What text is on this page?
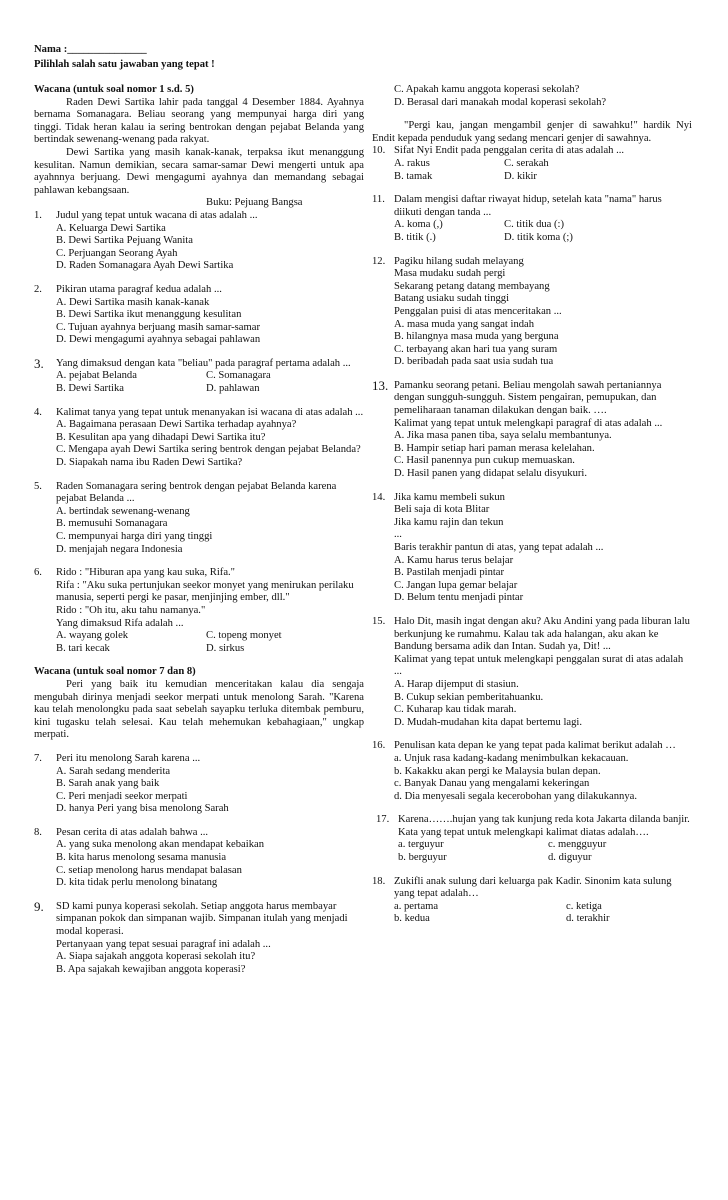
Nama :_______________
Pilihlah salah satu jawaban yang tepat !
Wacana (untuk soal nomor 1 s.d. 5)
Raden Dewi Sartika lahir pada tanggal 4 Desember 1884. Ayahnya bernama Somanagara. Beliau seorang yang mempunyai harga diri yang tinggi. Tidak heran kalau ia sering bentrokan dengan pejabat Belanda yang bertindak sewenang-wenang pada rakyat.
Dewi Sartika yang masih kanak-kanak, terpaksa ikut menanggung kesulitan. Namun demikian, secara samar-samar Dewi mengerti untuk apa ayahnnya berjuang. Dewi mengagumi ayahnya dan memandang sebagai pahlawan kebangsaan.
Buku: Pejuang Bangsa
1. Judul yang tepat untuk wacana di atas adalah ...
A. Keluarga Dewi Sartika
B. Dewi Sartika Pejuang Wanita
C. Perjuangan Seorang Ayah
D. Raden Somanagara Ayah Dewi Sartika
2. Pikiran utama paragraf kedua adalah ...
A. Dewi Sartika masih kanak-kanak
B. Dewi Sartika ikut menanggung kesulitan
C. Tujuan ayahnya berjuang masih samar-samar
D. Dewi mengagumi ayahnya sebagai pahlawan
3. Yang dimaksud dengan kata "beliau" pada paragraf pertama adalah ...
A. pejabat Belanda	C. Somanagara
B. Dewi Sartika	D. pahlawan
4. Kalimat tanya yang tepat untuk menanyakan isi wacana di atas adalah ...
A. Bagaimana perasaan Dewi Sartika terhadap ayahnya?
B. Kesulitan apa yang dihadapi Dewi Sartika itu?
C. Mengapa ayah Dewi Sartika sering bentrok dengan pejabat Belanda?
D. Siapakah nama ibu Raden Dewi Sartika?
5. Raden Somanagara sering bentrok dengan pejabat Belanda karena pejabat Belanda ...
A. bertindak sewenang-wenang
B. memusuhi Somanagara
C. mempunyai harga diri yang tinggi
D. menjajah negara Indonesia
6. Rido : "Hiburan apa yang kau suka, Rifa."
Rifa : "Aku suka pertunjukan seekor monyet yang menirukan perilaku manusia, seperti pergi ke pasar, menjinjing ember, dll."
Rido : "Oh itu, aku tahu namanya."
Yang dimaksud Rifa adalah ...
A. wayang golek	C. topeng monyet
B. tari kecak	D. sirkus
Wacana (untuk soal nomor 7 dan 8)
Peri yang baik itu kemudian menceritakan kalau dia sengaja mengubah dirinya menjadi seekor merpati untuk menolong Sarah. "Karena kau telah menolongku pada saat sebelah sayapku terluka ditembak pemburu, kini tugasku telah selesai. Kau telah mehemukan kebahagiaan," ungkap merpati.
7. Peri itu menolong Sarah karena ...
A. Sarah sedang menderita
B. Sarah anak yang baik
C. Peri menjadi seekor merpati
D. hanya Peri yang bisa menolong Sarah
8. Pesan cerita di atas adalah bahwa ...
A. yang suka menolong akan mendapat kebaikan
B. kita harus menolong sesama manusia
C. setiap menolong harus mendapat balasan
D. kita tidak perlu menolong binatang
9. SD kami punya koperasi sekolah. Setiap anggota harus membayar simpanan pokok dan simpanan wajib. Simpanan itulah yang menjadi modal koperasi.
Pertanyaan yang tepat sesuai paragraf ini adalah ...
A. Siapa sajakah anggota koperasi sekolah itu?
B. Apa sajakah kewajiban anggota koperasi?
C. Apakah kamu anggota koperasi sekolah?
D. Berasal dari manakah modal koperasi sekolah?
"Pergi kau, jangan mengambil genjer di sawahku!" hardik Nyi Endit kepada penduduk yang sedang mencari genjer di sawahnya.
10. Sifat Nyi Endit pada penggalan cerita di atas adalah ...
A. rakus	C. serakah
B. tamak	D. kikir
11. Dalam mengisi daftar riwayat hidup, setelah kata "nama" harus diikuti dengan tanda ...
A. koma (,)	C. titik dua (:)
B. titik (.)	D. titik koma (;)
12. Pagiku hilang sudah melayang
Masa mudaku sudah pergi
Sekarang petang datang membayang
Batang usiaku sudah tinggi
Penggalan puisi di atas menceritakan ...
A. masa muda yang sangat indah
B. hilangnya masa muda yang berguna
C. terbayang akan hari tua yang suram
D. beribadah pada saat usia sudah tua
13. Pamanku seorang petani. Beliau mengolah sawah pertaniannya dengan sungguh-sungguh. Sistem pengairan, pemupukan, dan pemeliharaan tanaman dilakukan dengan baik. ….
Kalimat yang tepat untuk melengkapi paragraf di atas adalah ...
A. Jika masa panen tiba, saya selalu membantunya.
B. Hampir setiap hari paman merasa kelelahan.
C. Hasil panennya pun cukup memuaskan.
D. Hasil panen yang didapat selalu disyukuri.
14. Jika kamu membeli sukun
Beli saja di kota Blitar
Jika kamu rajin dan tekun
...
Baris terakhir pantun di atas, yang tepat adalah ...
A. Kamu harus terus belajar
B. Pastilah menjadi pintar
C. Jangan lupa gemar belajar
D. Belum tentu menjadi pintar
15. Halo Dit, masih ingat dengan aku? Aku Andini yang pada liburan lalu berkunjung ke rumahmu. Kalau tak ada halangan, aku akan ke Bandung bersama adik dan Intan. Sudah ya, Dit! ...
Kalimat yang tepat untuk melengkapi penggalan surat di atas adalah ...
A. Harap dijemput di stasiun.
B. Cukup sekian pemberitahuanku.
C. Kuharap kau tidak marah.
D. Mudah-mudahan kita dapat bertemu lagi.
16. Penulisan kata depan ke yang tepat pada kalimat berikut adalah …
a. Unjuk rasa kadang-kadang menimbulkan kekacauan.
b. Kakakku akan pergi ke Malaysia bulan depan.
c. Banyak Danau yang mengalami kekeringan
d. Dia menyesali segala kecerobohan yang dilakukannya.
17. Karena…….hujan yang tak kunjung reda kota Jakarta dilanda banjir. Kata yang tepat untuk melengkapi kalimat diatas adalah….
a. terguyur	c. mengguyur
b. berguyur	d. diguyur
18. Zukifli anak sulung dari keluarga pak Kadir. Sinonim kata sulung yang tepat adalah…
a. pertama	c. ketiga
b. kedua	d. terakhir
